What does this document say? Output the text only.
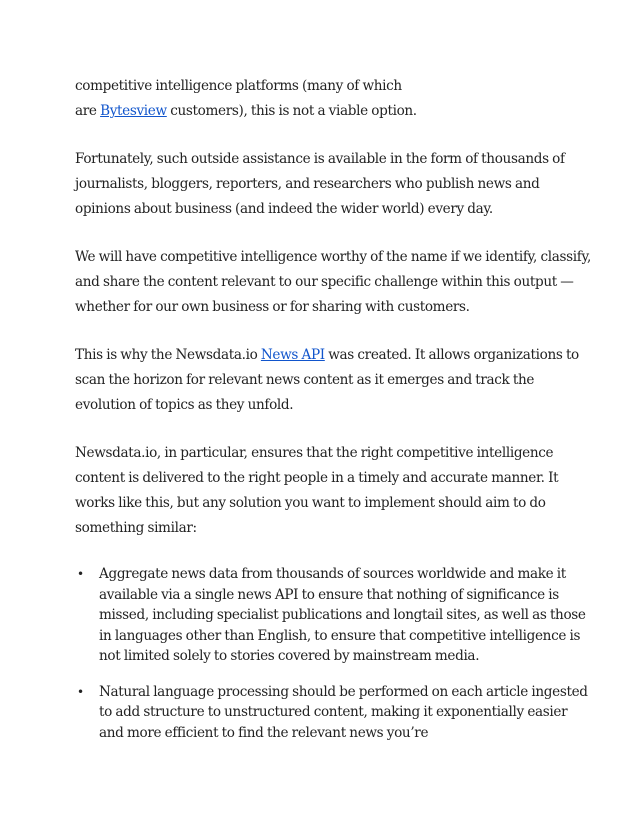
competitive intelligence platforms (many of which
are Bytesview customers), this is not a viable option.

Fortunately, such outside assistance is available in the form of thousands of journalists, bloggers, reporters, and researchers who publish news and opinions about business (and indeed the wider world) every day.

We will have competitive intelligence worthy of the name if we identify, classify, and share the content relevant to our specific challenge within this output — whether for our own business or for sharing with customers.

This is why the Newsdata.io News API was created. It allows organizations to scan the horizon for relevant news content as it emerges and track the evolution of topics as they unfold.

Newsdata.io, in particular, ensures that the right competitive intelligence content is delivered to the right people in a timely and accurate manner. It works like this, but any solution you want to implement should aim to do something similar:

• Aggregate news data from thousands of sources worldwide and make it available via a single news API to ensure that nothing of significance is missed, including specialist publications and longtail sites, as well as those in languages other than English, to ensure that competitive intelligence is not limited solely to stories covered by mainstream media.
• Natural language processing should be performed on each article ingested to add structure to unstructured content, making it exponentially easier and more efficient to find the relevant news you’re
